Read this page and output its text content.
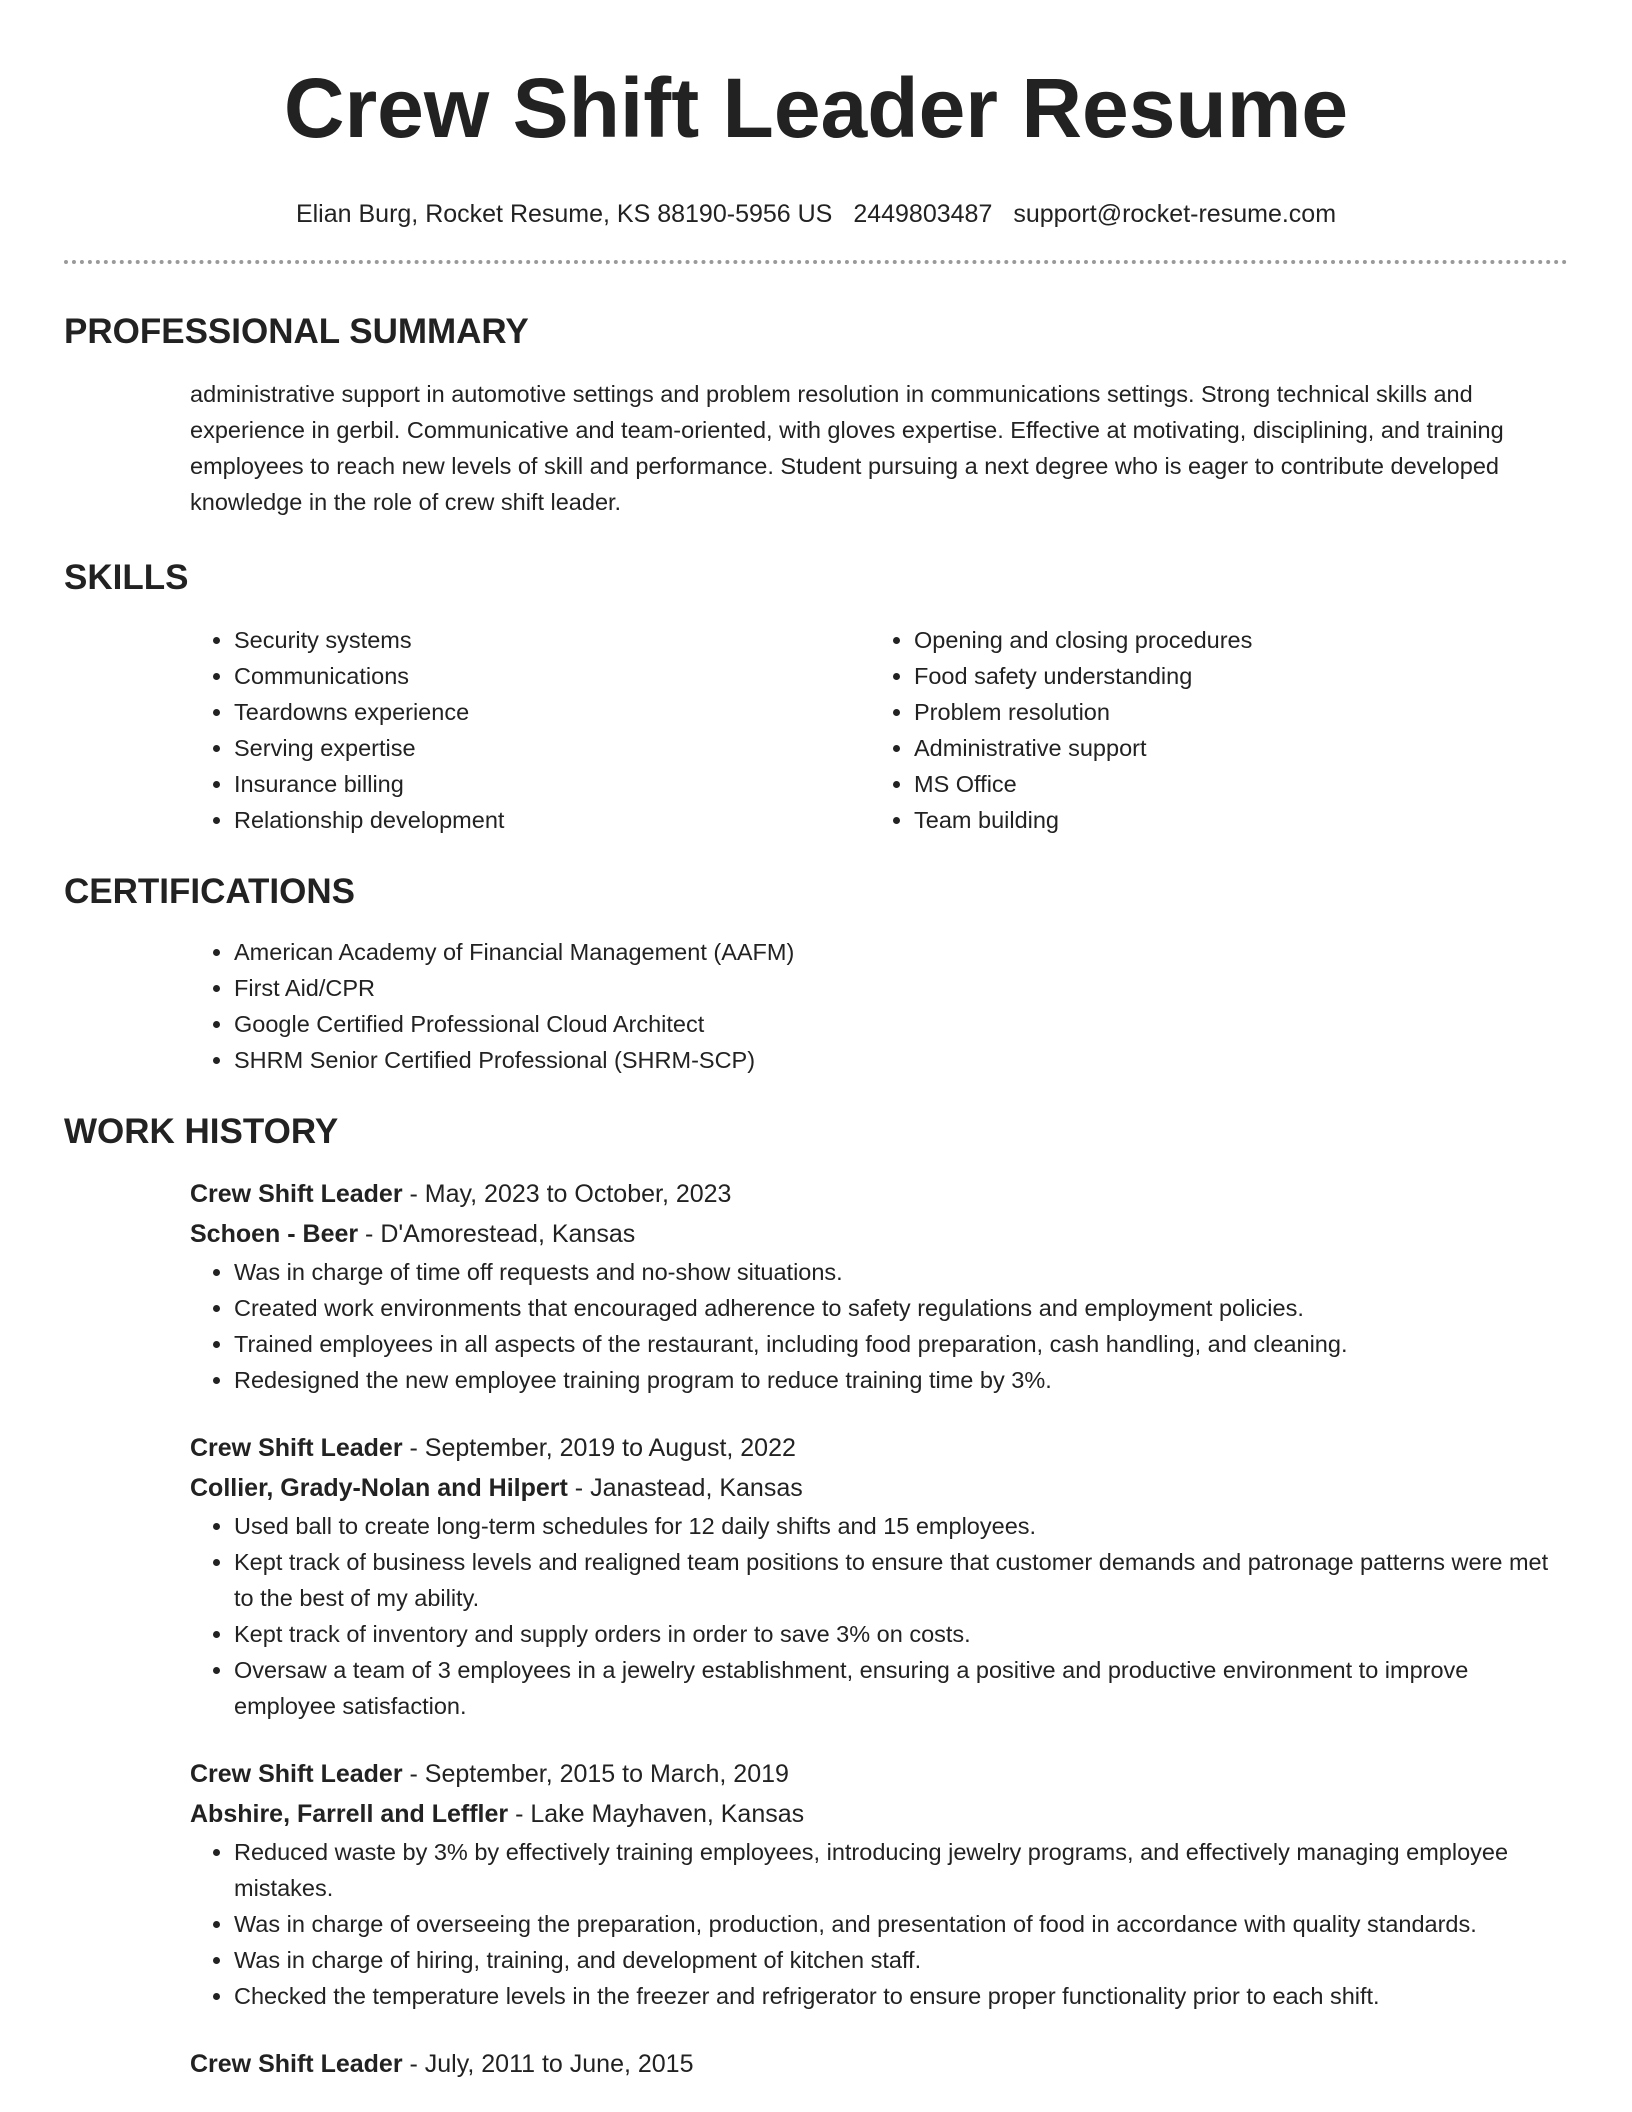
Crew Shift Leader Resume
Elian Burg, Rocket Resume, KS 88190-5956 US 2449803487 support@rocket-resume.com
PROFESSIONAL SUMMARY
administrative support in automotive settings and problem resolution in communications settings. Strong technical skills and experience in gerbil. Communicative and team-oriented, with gloves expertise. Effective at motivating, disciplining, and training employees to reach new levels of skill and performance. Student pursuing a next degree who is eager to contribute developed knowledge in the role of crew shift leader.
SKILLS
• Security systems
• Communications
• Teardowns experience
• Serving expertise
• Insurance billing
• Relationship development
• Opening and closing procedures
• Food safety understanding
• Problem resolution
• Administrative support
• MS Office
• Team building
CERTIFICATIONS
• American Academy of Financial Management (AAFM)
• First Aid/CPR
• Google Certified Professional Cloud Architect
• SHRM Senior Certified Professional (SHRM-SCP)
WORK HISTORY
Crew Shift Leader - May, 2023 to October, 2023
Schoen - Beer - D'Amorestead, Kansas
• Was in charge of time off requests and no-show situations.
• Created work environments that encouraged adherence to safety regulations and employment policies.
• Trained employees in all aspects of the restaurant, including food preparation, cash handling, and cleaning.
• Redesigned the new employee training program to reduce training time by 3%.
Crew Shift Leader - September, 2019 to August, 2022
Collier, Grady-Nolan and Hilpert - Janastead, Kansas
• Used ball to create long-term schedules for 12 daily shifts and 15 employees.
• Kept track of business levels and realigned team positions to ensure that customer demands and patronage patterns were met to the best of my ability.
• Kept track of inventory and supply orders in order to save 3% on costs.
• Oversaw a team of 3 employees in a jewelry establishment, ensuring a positive and productive environment to improve employee satisfaction.
Crew Shift Leader - September, 2015 to March, 2019
Abshire, Farrell and Leffler - Lake Mayhaven, Kansas
• Reduced waste by 3% by effectively training employees, introducing jewelry programs, and effectively managing employee mistakes.
• Was in charge of overseeing the preparation, production, and presentation of food in accordance with quality standards.
• Was in charge of hiring, training, and development of kitchen staff.
• Checked the temperature levels in the freezer and refrigerator to ensure proper functionality prior to each shift.
Crew Shift Leader - July, 2011 to June, 2015
